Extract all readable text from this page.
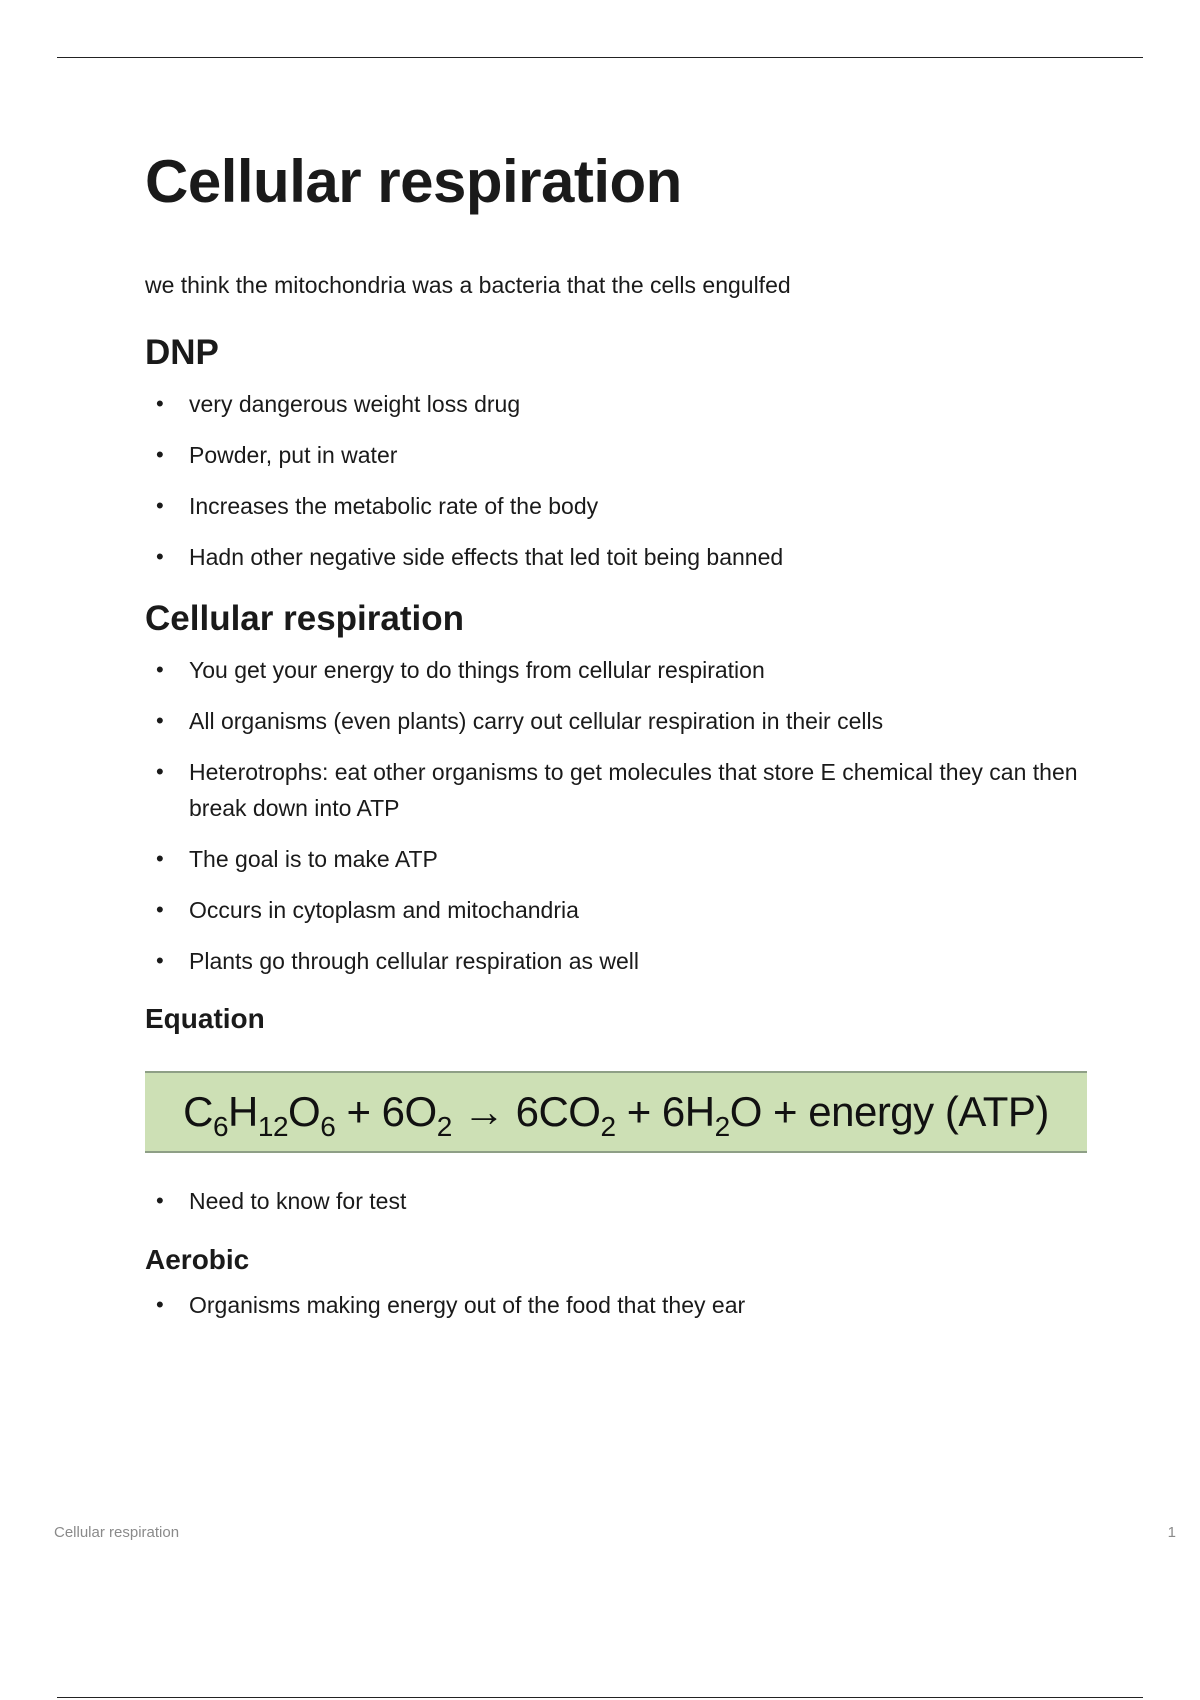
Cellular respiration

we think the mitochondria was a bacteria that the cells engulfed

DNP
• very dangerous weight loss drug
• Powder, put in water
• Increases the metabolic rate of the body
• Hadn other negative side effects that led toit being banned
Cellular respiration
• You get your energy to do things from cellular respiration
• All organisms (even plants) carry out cellular respiration in their cells
• Heterotrophs: eat other organisms to get molecules that store E chemical they can then break down into ATP
• The goal is to make ATP
• Occurs in cytoplasm and mitochandria
• Plants go through cellular respiration as well
Equation
$C_6H_{12}O_6 + 6O_2 \to 6CO_2 + 6H_2O$ + energy (ATP)
• Need to know for test
Aerobic
• Organisms making energy out of the food that they ear
Cellular respiration	1
